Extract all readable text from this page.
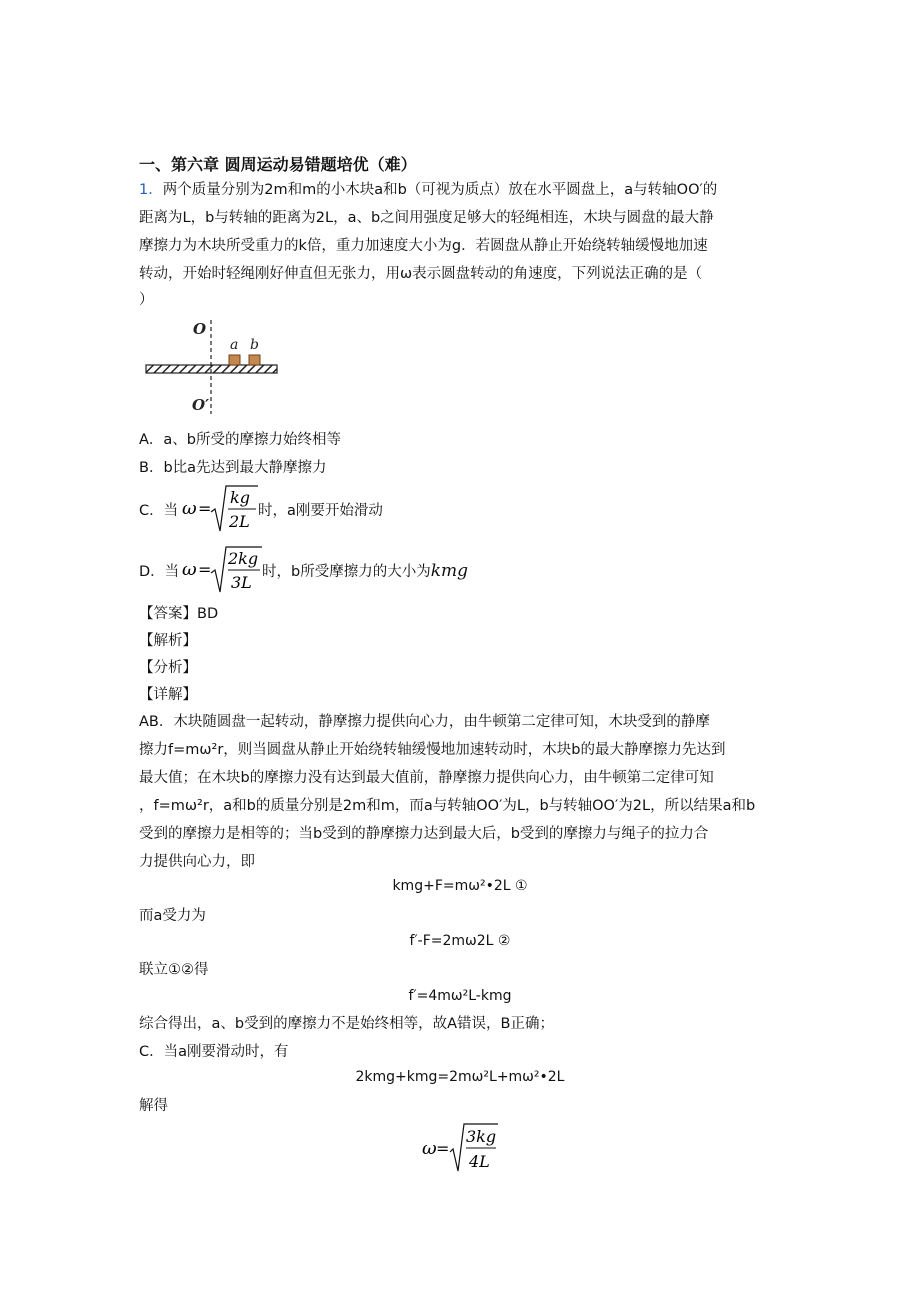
一、第六章 圆周运动易错题培优（难）
1．两个质量分别为2m和m的小木块a和b（可视为质点）放在水平圆盘上，a与转轴OO′的
距离为L，b与转轴的距离为2L，a、b之间用强度足够大的轻绳相连，木块与圆盘的最大静
摩擦力为木块所受重力的k倍，重力加速度大小为g．若圆盘从静止开始绕转轴缓慢地加速
转动，开始时轻绳刚好伸直但无张力，用ω表示圆盘转动的角速度，下列说法正确的是（
）
O
O′
a b
A．a、b所受的摩擦力始终相等
B．b比a先达到最大静摩擦力
C．当 ω =
kg
2L
时，a刚要开始滑动
D．当 ω =
2kg
3L
时，b所受摩擦力的大小为kmg
【答案】BD
【解析】
【分析】
【详解】
AB．木块随圆盘一起转动，静摩擦力提供向心力，由牛顿第二定律可知，木块受到的静摩
擦力f=mω²r，则当圆盘从静止开始绕转轴缓慢地加速转动时，木块b的最大静摩擦力先达到
最大值；在木块b的摩擦力没有达到最大值前，静摩擦力提供向心力，由牛顿第二定律可知
，f=mω²r，a和b的质量分别是2m和m，而a与转轴OO′为L，b与转轴OO′为2L，所以结果a和b
受到的摩擦力是相等的；当b受到的静摩擦力达到最大后，b受到的摩擦力与绳子的拉力合
力提供向心力，即
kmg+F=mω²•2L ①
而a受力为
f′-F=2mω2L ②
联立①②得
f′=4mω²L-kmg
综合得出，a、b受到的摩擦力不是始终相等，故A错误，B正确；
C．当a刚要滑动时，有
2kmg+kmg=2mω²L+mω²•2L
解得
ω =
3kg
4L
